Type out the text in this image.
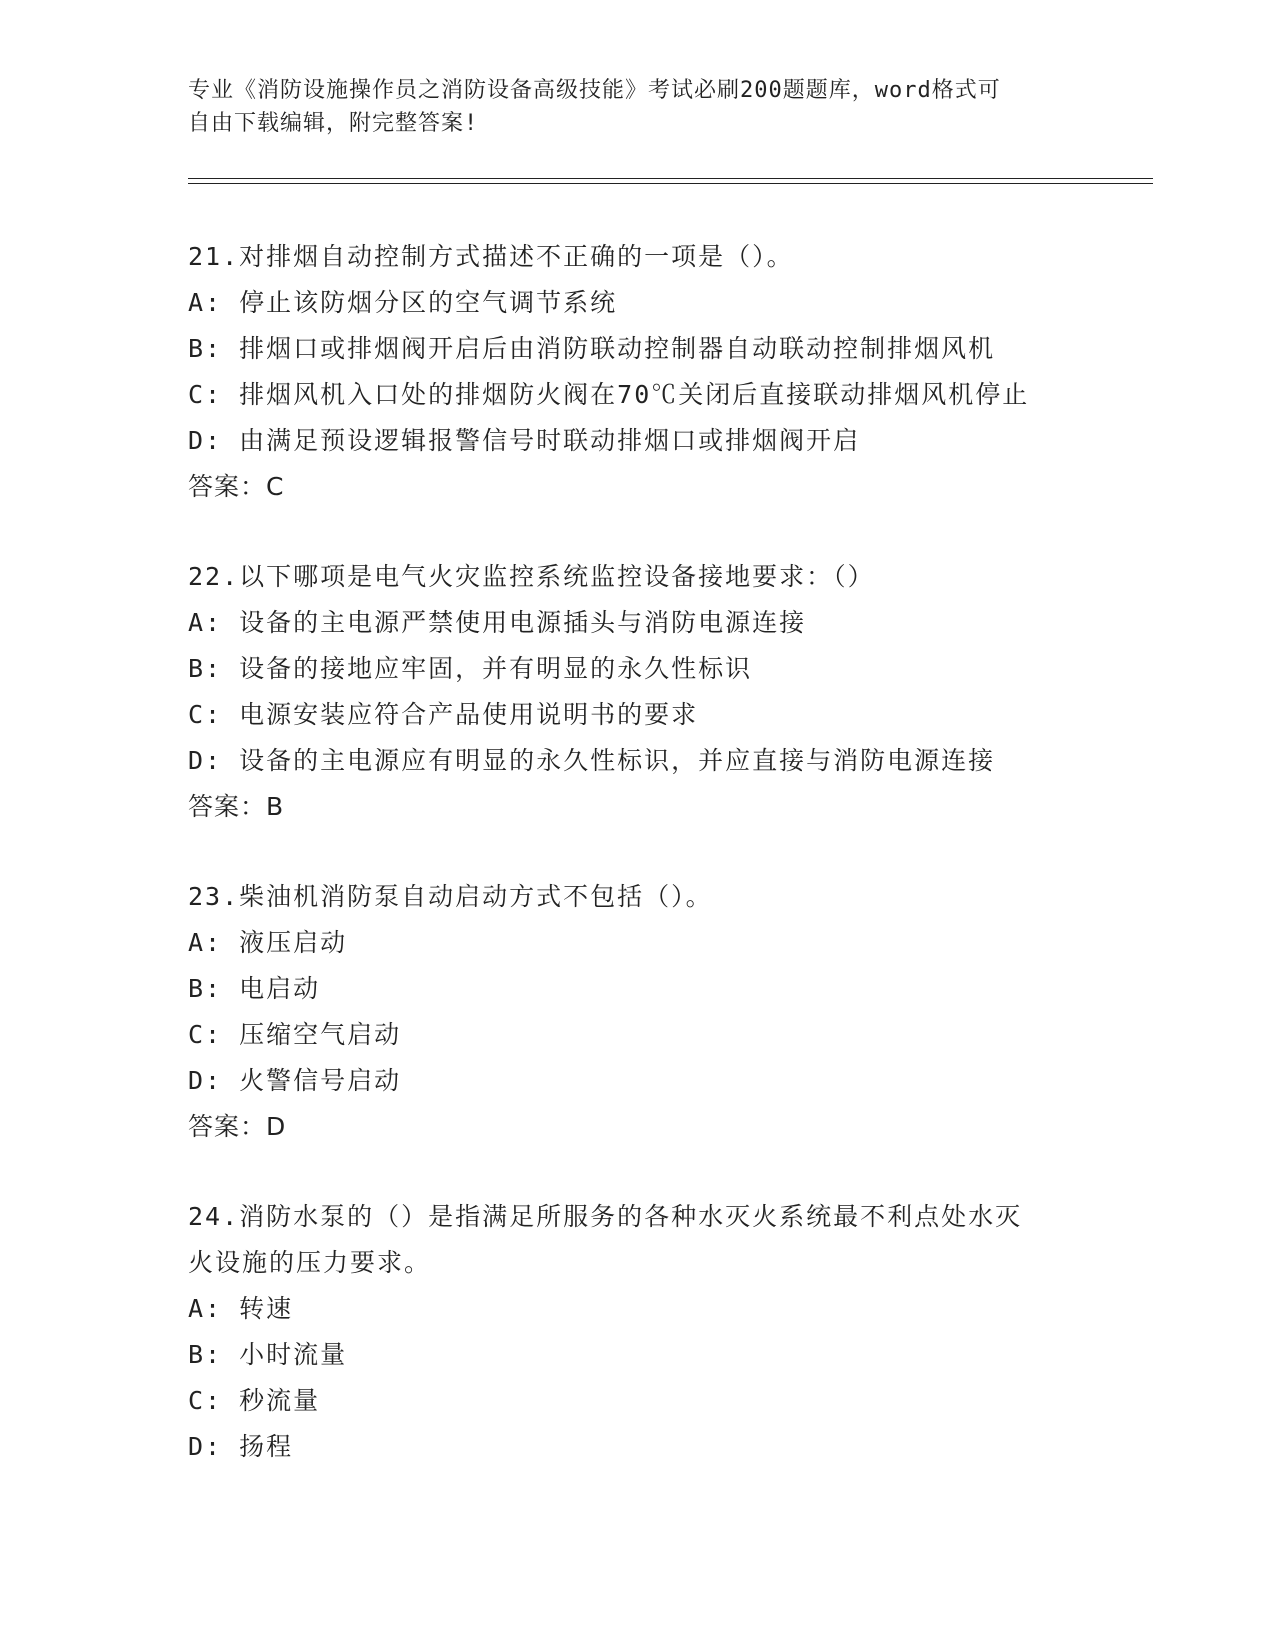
专业《消防设施操作员之消防设备高级技能》考试必刷200题题库，word格式可
自由下载编辑，附完整答案!
21.对排烟自动控制方式描述不正确的一项是（）。
A: 停止该防烟分区的空气调节系统
B: 排烟口或排烟阀开启后由消防联动控制器自动联动控制排烟风机
C: 排烟风机入口处的排烟防火阀在70℃关闭后直接联动排烟风机停止
D: 由满足预设逻辑报警信号时联动排烟口或排烟阀开启
答案：C
22.以下哪项是电气火灾监控系统监控设备接地要求：（）
A: 设备的主电源严禁使用电源插头与消防电源连接
B: 设备的接地应牢固，并有明显的永久性标识
C: 电源安装应符合产品使用说明书的要求
D: 设备的主电源应有明显的永久性标识，并应直接与消防电源连接
答案：B
23.柴油机消防泵自动启动方式不包括（）。
A: 液压启动
B: 电启动
C: 压缩空气启动
D: 火警信号启动
答案：D
24.消防水泵的（）是指满足所服务的各种水灭火系统最不利点处水灭
火设施的压力要求。
A: 转速
B: 小时流量
C: 秒流量
D: 扬程
